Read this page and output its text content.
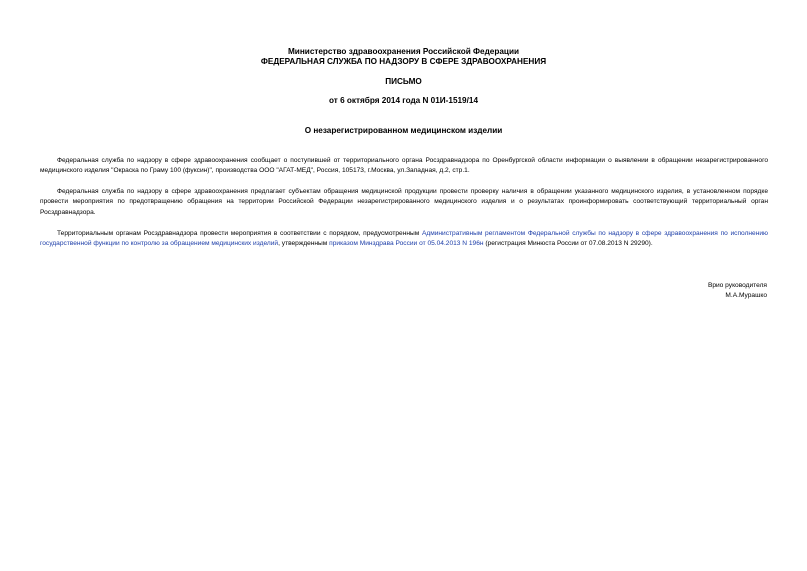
Министерство здравоохранения Российской Федерации
ФЕДЕРАЛЬНАЯ СЛУЖБА ПО НАДЗОРУ В СФЕРЕ ЗДРАВООХРАНЕНИЯ
ПИСЬМО
от 6 октября 2014 года N 01И-1519/14
О незарегистрированном медицинском изделии
Федеральная служба по надзору в сфере здравоохранения сообщает о поступившей от территориального органа Росздравнадзора по Оренбургской области информации о выявлении в обращении незарегистрированного медицинского изделия "Окраска по Граму 100 (фуксин)", производства ООО "АГАТ-МЕД", Россия, 105173, г.Москва, ул.Западная, д.2, стр.1.
Федеральная служба по надзору в сфере здравоохранения предлагает субъектам обращения медицинской продукции провести проверку наличия в обращении указанного медицинского изделия, в установленном порядке провести мероприятия по предотвращению обращения на территории Российской Федерации незарегистрированного медицинского изделия и о результатах проинформировать соответствующий территориальный орган Росздравнадзора.
Территориальным органам Росздравнадзора провести мероприятия в соответствии с порядком, предусмотренным Административным регламентом Федеральной службы по надзору в сфере здравоохранения по исполнению государственной функции по контролю за обращением медицинских изделий, утвержденным приказом Минздрава России от 05.04.2013 N 196н (регистрация Минюста России от 07.08.2013 N 29290).
Врио руководителя
М.А.Мурашко
